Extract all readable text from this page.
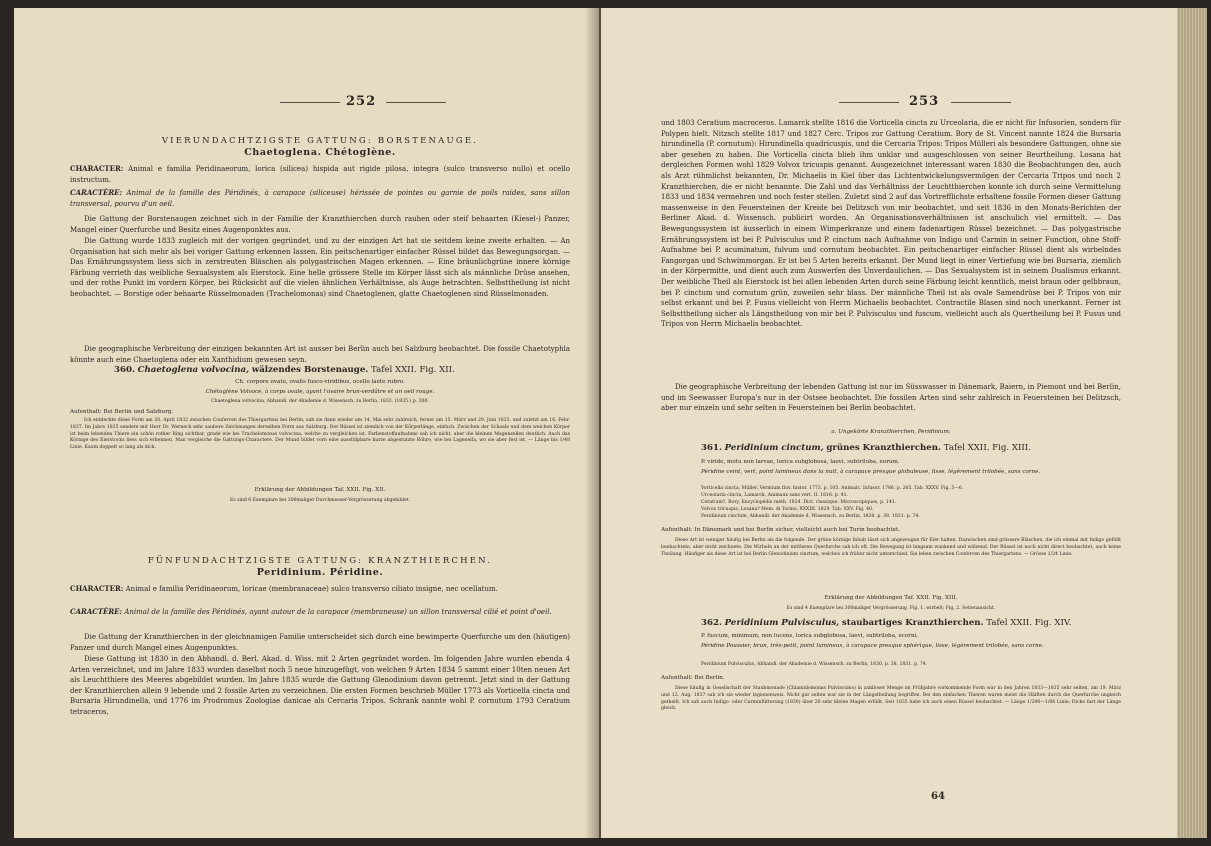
252
VIERUNDACHTZIGSTE GATTUNG: BORSTENAUGE.
Chaetoglena. Chétoglène.
CHARACTER: Animal e familia Peridinaeorum, lorica (silicea) hispida aut rigide pilosa, integra (sulco transverso nullo) et ocello instructum.
CARACTÈRE: Animal de la famille des Péridinés, à carapace (siliceuse) hérissée de pointes ou garnie de poils raides, sans sillon transversal, pourvu d'un oeil.
Die Gattung der Borstenaugen zeichnet sich in der Familie der Kranzthierchen durch rauhen oder steif behaarten (Kiesel-) Panzer, Mangel einer Querfurche und Besitz eines Augenpunktes aus.
Die Gattung wurde 1833 zugleich mit der vorigen gegründet, und zu der einzigen Art hat sie seitdem keine zweite erhalten. — An Organisation hat sich mehr als bei voriger Gattung erkennen lassen. Ein peitschenartiger einfacher Rüssel bildet das Bewegungsorgan. — Das Ernährungssystem liess sich in zerstreuten Bläschen als polygastrischen Magen erkennen. — Eine bräunlichgrüne innere körnige Färbung verrieth das weibliche Sexualsystem als Eierstock. Eine helle grössere Stelle im Körper lässt sich als männliche Drüse ansehen, und der rothe Punkt im vordern Körper, bei Rücksicht auf die vielen ähnlichen Verhältnisse, als Auge betrachten. Selbsttheilung ist nicht beobachtet. — Borstige oder behaarte Rüsselmonaden (Trachelomonas) sind Chaetoglenen, glatte Chaetoglenen sind Rüsselmonaden.
Die geographische Verbreitung der einzigen bekannten Art ist ausser bei Berlin auch bei Salzburg beobachtet. Die fossile Chaetotyphla könnte auch eine Chaetoglena oder ein Xanthidium gewesen seyn.
360. Chaetoglena volvocina, wälzendes Borstenauge. Tafel XXII. Fig. XII.
Ch. corpore ovato, ovalis fusco-viridibus, ocello laete rubro.
Chétoglène Volvoce, à corps ovale, ayant l'ovaire brun-verdâtre et un oeil rouge.
Chaetoglena volvocina, Abhandl. der Akademie d. Wissensch. zu Berlin, 1833. (1835.) p. 300.
Aufenthalt: Bei Berlin und Salzburg.
Ich entdeckte diese Form am 20. April 1832 zwischen Conferven des Thiergartens bei Berlin, sah sie dann wieder am 14. Mai sehr zahlreich, ferner am 15. März und 29. Juni 1835, und zuletzt am 16. Febr. 1837. Im Jahre 1835 sendete mir Herr Dr. Werneck sehr saubere Zeichnungen derselben Form aus Salzburg. Der Rüssel ist ziemlich von der Körperlänge, einfach. Zwischen der Schaale und dem weichen Körper ist beim lebenden Thiere ein schön rother Ring sichtbar, grade wie bei Trachelomonas volvocina, welche zu vergleichen ist. Farbenstoffaufnahme sah ich nicht, aber die kleinen Magenzellen deutlich. Auch das Körnige des Eierstocks liess sich erkennen. Man vergleiche die Gattungs-Charactere. Der Mund bildet vorn eine ausstülpbare kurze abgestutzte Röhre, wie bei Lagenella, wo sie aber fest ist. — Länge bis 1/48 Linie. Kaum doppelt so lang als dick.
Erklärung der Abbildungen Taf. XXII. Fig. XII.
Es sind 6 Exemplare bei 300maliger Durchmesser-Vergrösserung abgebildet.
FÜNFUNDACHTZIGSTE GATTUNG: KRANZTHIERCHEN.
Peridinium. Péridine.
CHARACTER: Animal e familia Peridinaeorum, loricae (membranaceae) sulco transverso ciliato insigne, nec ocellatum.
CARACTÈRE: Animal de la famille des Péridinés, ayant autour de la carapace (membraneuse) un sillon transversal cilié et point d'oeil.
Die Gattung der Kranzthierchen in der gleichnamigen Familie unterscheidet sich durch eine bewimperte Querfurche um den (häutigen) Panzer und durch Mangel eines Augenpunktes.
Diese Gattung ist 1830 in den Abhandl. d. Berl. Akad. d. Wiss. mit 2 Arten gegründet worden. Im folgenden Jahre wurden ebenda 4 Arten verzeichnet, und im Jahre 1833 wurden daselbst noch 5 neue hinzugefügt, von welchen 9 Arten 1834 5 sammt einer 10ten neuen Art als Leuchtthiere des Meeres abgebildet wurden. Im Jahre 1835 wurde die Gattung Glenodinium davon getrennt. Jetzt sind in der Gattung der Kranzthierchen allein 9 lebende und 2 fossile Arten zu verzeichnen. Die ersten Formen beschrieb Müller 1773 als Vorticella cincta und Bursaria Hirundinella, und 1776 im Prodromus Zoologiae danicae als Cercaria Tripos. Schrank nannte wohl P. cornutum 1793 Ceratium tetraceros,
253
und 1803 Ceratium macroceros. Lamarck stellte 1816 die Vorticella cincta zu Urceolaria, die er nicht für Infusorien, sondern für Polypen hielt. Nitzsch stellte 1817 und 1827 Cerc. Tripos zur Gattung Ceratium. Bory de St. Vincent nannte 1824 die Bursaria hirundinella (P. cornutum): Hirundinella quadricuspis, und die Cercaria Tripos: Tripos Mülleri als besondere Gattungen, ohne sie aber gesehen zu haben. Die Vorticella cincta blieb ihm unklar und ausgeschlossen von seiner Beurtheilung. Losana hat dergleichen Formen wohl 1829 Volvox tricuspis genannt. Ausgezeichnet interessant waren 1830 die Beobachtungen des, auch als Arzt rühmlichst bekannten, Dr. Michaelis in Kiel über das Lichtentwickelungsvermögen der Cercaria Tripos und noch 2 Kranzthierchen, die er nicht benannte. Die Zahl und das Verhältniss der Leuchtthierchen konnte ich durch seine Vermittelung 1833 und 1834 vermehren und noch fester stellen. Zuletzt sind 2 auf das Vortrefflichste erhaltene fossile Formen dieser Gattung massenweise in den Feuersteinen der Kreide bei Delitzsch von mir beobachtet, und seit 1836 in den Monats-Berichten der Berliner Akad. d. Wissensch. publicirt worden. An Organisationsverhältnissen ist anschulich viel ermittelt. — Das Bewegungssystem ist äusserlich in einem Wimperkranze und einem fadenartigen Rüssel bezeichnet. — Das polygastrische Ernährungssystem ist bei P. Pulvisculus und P. cinctum nach Aufnahme von Indigo und Carmin in seiner Function, ohne Stoff-Aufnahme bei P. acuminatum, fulvum und cornutum beobachtet. Ein peitschenartiger einfacher Rüssel dient als wirbelndes Fangorgan und Schwimmorgan. Er ist bei 5 Arten bereits erkannt. Der Mund liegt in einer Vertiefung wie bei Bursaria, ziemlich in der Körpermitte, und dient auch zum Auswerfen des Unverdaulichen. — Das Sexualsystem ist in seinem Dualismus erkannt. Der weibliche Theil als Eierstock ist bei allen lebenden Arten durch seine Färbung leicht kenntlich, meist braun oder gelbbraun, bei P. cinctum und cornutum grün, zuweilen sehr blass. Der männliche Theil ist als ovale Samendrüse bei P. Tripos von mir selbst erkannt und bei P. Fusus vielleicht von Herrn Michaelis beobachtet. Contractile Blasen sind noch unerkannt. Ferner ist Selbsttheilung sicher als Längstheilung von mir bei P. Pulvisculus und fuscum, vielleicht auch als Quertheilung bei P. Fusus und Tripos von Herrn Michaelis beobachtet.
Die geographische Verbreitung der lebenden Gattung ist nur im Süsswasser in Dänemark, Baiern, in Piemont und bei Berlin, und im Seewasser Europa's nur in der Ostsee beobachtet. Die fossilen Arten sind sehr zahlreich in Feuersteinen bei Delitzsch, aber nur einzeln und sehr selten in Feuersteinen bei Berlin beobachtet.
a. Ungekörte Kranzthierchen, Peridinium:
361. Peridinium cinctum, grünes Kranzthierchen. Tafel XXII. Fig. XIII.
P. viride, motu non larvae, lorica subglobosa, laevi, subtriloba, eorum.
Péridine ceint, vert, point lumineux dans la nuit, à carapace presque globuleuse, lisse, légèrement trilobée, sans corne.
Vorticella cincta, Müller, Vermium fluv. histor. 1773. p. 105. Animalc. Infusor. 1786. p. 265. Tab. XXXV. Fig. 5—6.
Urceolaria cincta, Lamarck, Animaux sans vert. II. 1816. p. 41.
Ceratium?, Bory, Encyclopédie méth. 1824. Dict. classique. Microscopiques, p. 141.
Volvox tricuspis, Losana? Mem. di Torino, XXXIII. 1829. Tab. XXV. Fig. 40.
Peridinium cinctum, Abhandl. der Akademie d. Wissensch. zu Berlin, 1830. p. 38. 1831. p. 74.
Aufenthalt: In Dänemark und bei Berlin sicher, vielleicht auch bei Turin beobachtet.
Diese Art ist weniger häufig bei Berlin als die folgende. Der grüne körnige Inhalt lässt sich angezeugen für Eier halten. Dazwischen sind grössere Bläschen, die ich einmal mit Indigo gefüllt beobachtete, aber nicht zeichnete. Die Wirbeln an der mittleren Querfurche sah ich oft. Die Bewegung ist langsam wankend und wälzend. Der Rüssel ist noch nicht direct beobachtet, auch keine Theilung. Häufiger als diese Art ist bei Berlin Glenodinium cinctum, welches ich früher nicht unterschied. Sie leben zwischen Conferven des Thiergartens. — Grösse 1/24 Linie.
Erklärung der Abbildungen Taf. XXII. Fig. XIII.
Es sind 4 Exemplare bei 300maliger Vergrösserung. Fig. 1. wirbelt; Fig. 2. Seitenansicht.
362. Peridinium Pulvisculus, staubartiges Kranzthierchen. Tafel XXII. Fig. XIV.
P. fuscum, minimum, non lucens, lorica subglobosa, laevi, subtriloba, ecorni.
Péridine Poussier, brun, très-petit, point lumineux, à carapace presque sphérique, lisse, légèrement trilobée, sans corne.
Peridinium Pulvisculus, Abhandl. der Akademie d. Wissensch. zu Berlin, 1830. p. 38. 1831. p. 74.
Aufenthalt: Bei Berlin.
Diese häufig in Gesellschaft der Staubmonade (Chlamidomonas Pulvisculus) in zahlloser Menge im Frühjahre vorkommende Form war in den Jahren 1833—1835 sehr selten, am 19. März und 12. Aug. 1837 sah ich sie wieder legionenweis. Nicht gar selten war sie in der Längstheilung begriffen. Bei den einfachen Thieren waren meist die Hälften durch die Querfurche ungleich getheilt. Ich sah auch Indigo- oder Carminfütterung (1830) über 20 sehr kleine Magen erfüllt. Seit 1835 habe ich auch einen Rüssel beobachtet. — Länge 1/200—1/96 Linie; Dicke fast der Länge gleich.
64
